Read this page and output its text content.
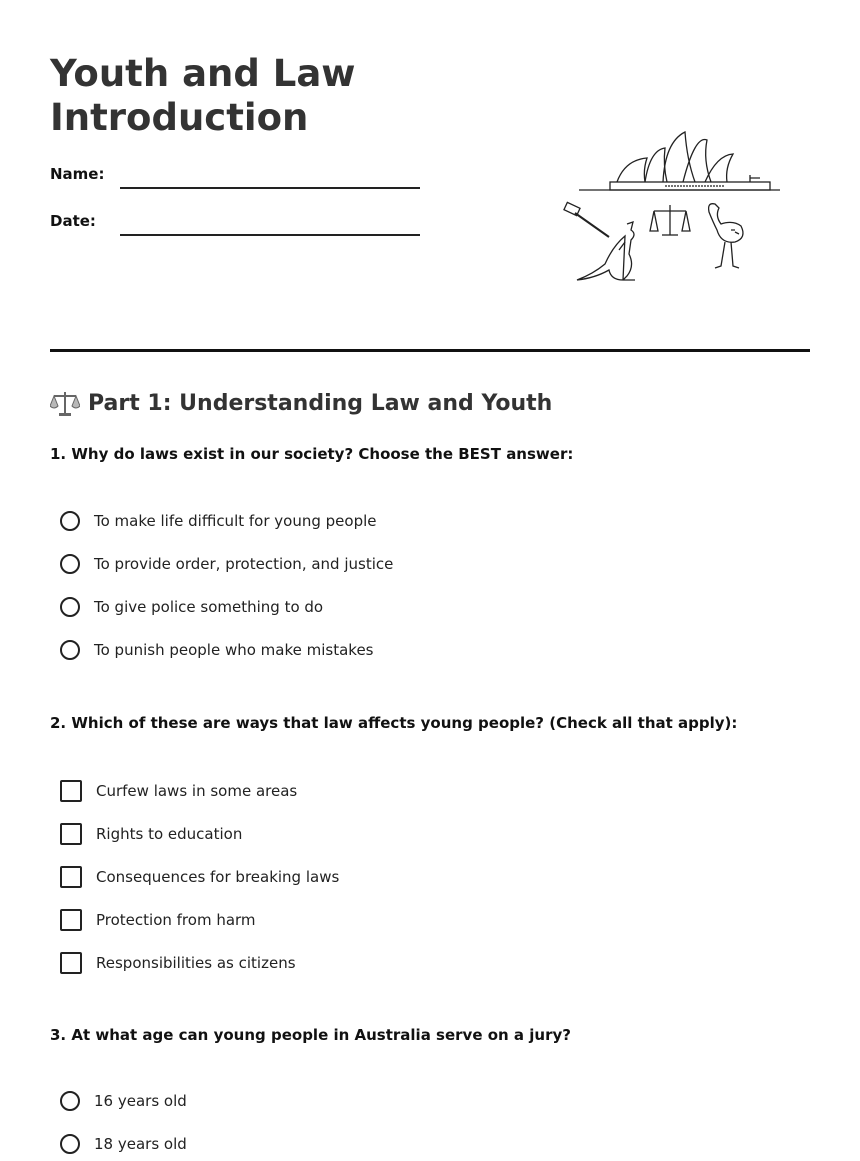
Youth and Law
Introduction
Name:
Date:
Part 1: Understanding Law and Youth
1. Why do laws exist in our society? Choose the BEST answer:
To make life difficult for young people
To provide order, protection, and justice
To give police something to do
To punish people who make mistakes
2. Which of these are ways that law affects young people? (Check all that apply):
Curfew laws in some areas
Rights to education
Consequences for breaking laws
Protection from harm
Responsibilities as citizens
3. At what age can young people in Australia serve on a jury?
16 years old
18 years old
